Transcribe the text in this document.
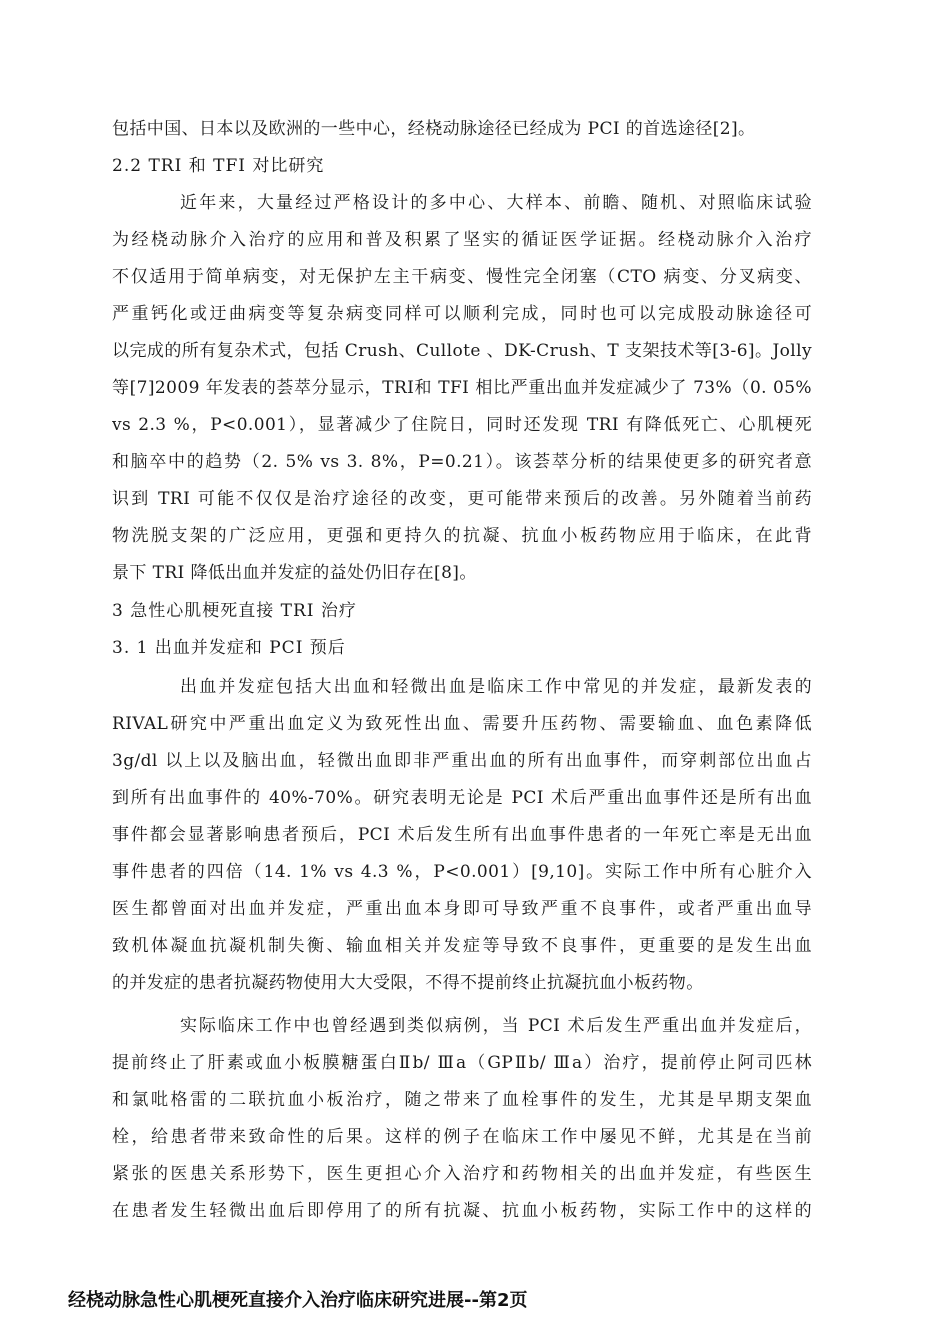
包括中国、日本以及欧洲的一些中心，经桡动脉途径已经成为 PCI 的首选途径[2]。
2.2 TRI 和 TFI 对比研究
近年来，大量经过严格设计的多中心、大样本、前瞻、随机、对照临床试验
为经桡动脉介入治疗的应用和普及积累了坚实的循证医学证据。经桡动脉介入治疗
不仅适用于简单病变，对无保护左主干病变、慢性完全闭塞（CTO 病变、分叉病变、
严重钙化或迂曲病变等复杂病变同样可以顺利完成，同时也可以完成股动脉途径可
以完成的所有复杂术式，包括 Crush、Cullote 、DK-Crush、T 支架技术等[3-6]。Jolly
等[7]2009 年发表的荟萃分显示，TRI和 TFI 相比严重出血并发症减少了 73%（0. 05%
vs 2.3 %，P<0.001），显著减少了住院日，同时还发现 TRI 有降低死亡、心肌梗死
和脑卒中的趋势（2. 5% vs 3. 8%，P=0.21）。该荟萃分析的结果使更多的研究者意
识到 TRI 可能不仅仅是治疗途径的改变，更可能带来预后的改善。另外随着当前药
物洗脱支架的广泛应用，更强和更持久的抗凝、抗血小板药物应用于临床，在此背
景下 TRI 降低出血并发症的益处仍旧存在[8]。
3 急性心肌梗死直接 TRI 治疗
3. 1 出血并发症和 PCI 预后
出血并发症包括大出血和轻微出血是临床工作中常见的并发症，最新发表的
RIVAL研究中严重出血定义为致死性出血、需要升压药物、需要输血、血色素降低
3g/dl 以上以及脑出血，轻微出血即非严重出血的所有出血事件，而穿刺部位出血占
到所有出血事件的 40%-70%。研究表明无论是 PCI 术后严重出血事件还是所有出血
事件都会显著影响患者预后，PCI 术后发生所有出血事件患者的一年死亡率是无出血
事件患者的四倍（14. 1% vs 4.3 %，P<0.001）[9,10]。实际工作中所有心脏介入
医生都曾面对出血并发症，严重出血本身即可导致严重不良事件，或者严重出血导
致机体凝血抗凝机制失衡、输血相关并发症等导致不良事件，更重要的是发生出血
的并发症的患者抗凝药物使用大大受限，不得不提前终止抗凝抗血小板药物。
实际临床工作中也曾经遇到类似病例，当 PCI 术后发生严重出血并发症后，
提前终止了肝素或血小板膜糖蛋白Ⅱb/ Ⅲa（GPⅡb/ Ⅲa）治疗，提前停止阿司匹林
和氯吡格雷的二联抗血小板治疗，随之带来了血栓事件的发生，尤其是早期支架血
栓，给患者带来致命性的后果。这样的例子在临床工作中屡见不鲜，尤其是在当前
紧张的医患关系形势下，医生更担心介入治疗和药物相关的出血并发症，有些医生
在患者发生轻微出血后即停用了的所有抗凝、抗血小板药物，实际工作中的这样的
经桡动脉急性心肌梗死直接介入治疗临床研究进展--第2页
